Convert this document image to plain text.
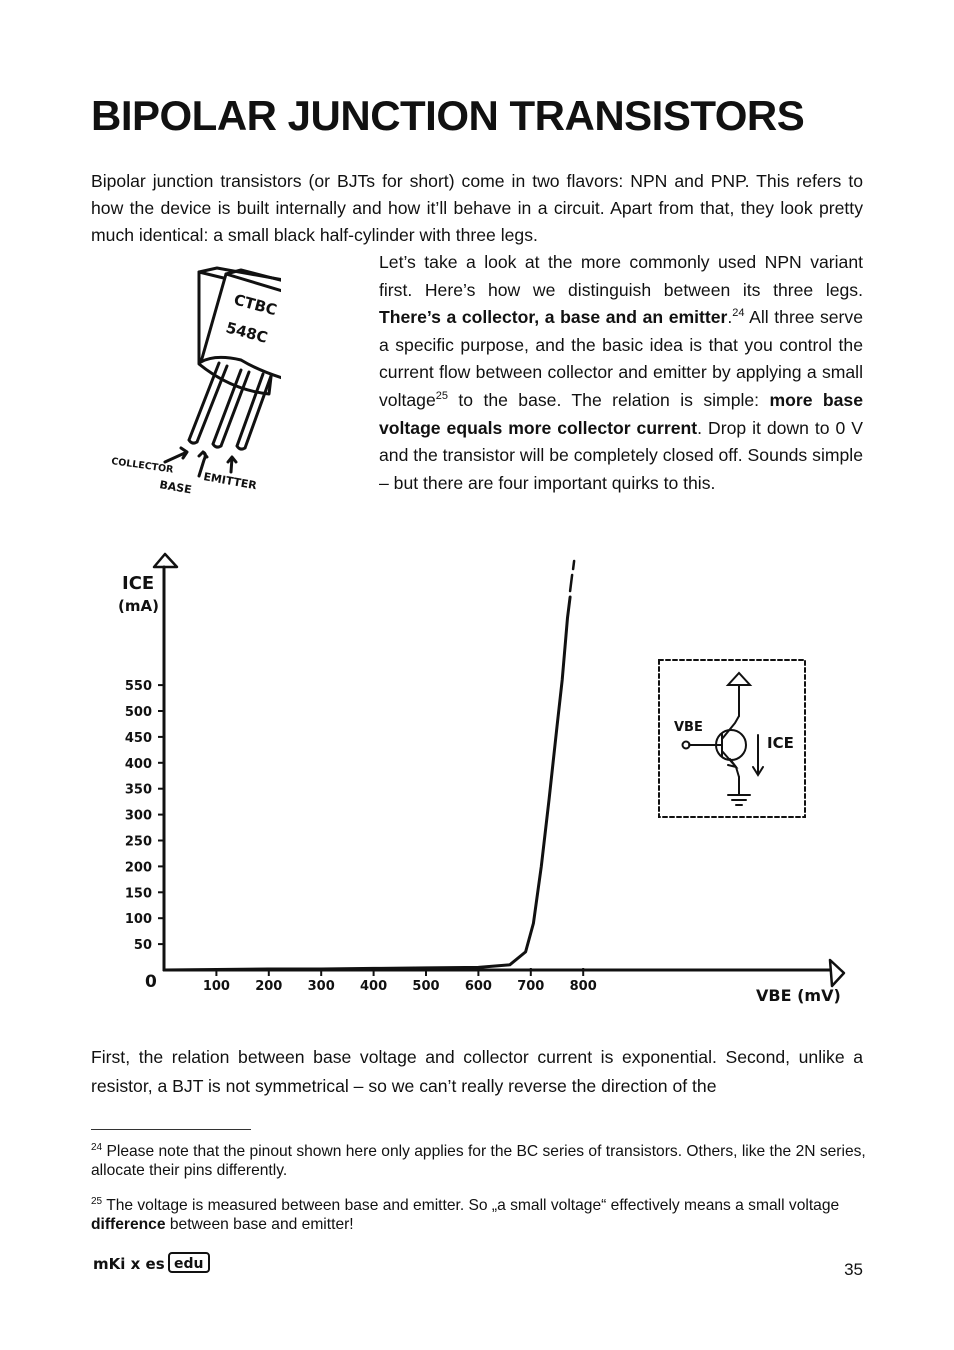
BIPOLAR JUNCTION TRANSISTORS

Bipolar junction transistors (or BJTs for short) come in two flavors: NPN and PNP. This refers to how the device is built internally and how it’ll behave in a circuit. Apart from that, they look pretty much identical: a small black half-cylinder with three legs.

CTBC
548C
COLLECTOR
BASE EMITTER

Let’s take a look at the more commonly used NPN variant first. Here’s how we distinguish between its three legs. There’s a collector, a base and an emitter.$^{24}$ All three serve a specific purpose, and the basic idea is that you control the current flow between collector and emitter by applying a small voltage$^{25}$ to the base. The relation is simple: more base voltage equals more collector current. Drop it down to 0 V and the transistor will be completely closed off. Sounds simple – but there are four important quirks to this.

50
100
150
200
250
300
350
400
450
500
550
100 200 300 400 500 600 700 800
ICE
(mA)
0
VBE (mV)
VBE
ICE

First, the relation between base voltage and collector current is exponential. Second, unlike a resistor, a BJT is not symmetrical – so we can’t really reverse the direction of the

$^{24}$ Please note that the pinout shown here only applies for the BC series of transistors. Others, like the 2N series, allocate their pins differently.

$^{25}$ The voltage is measured between base and emitter. So „a small voltage“ effectively means a small voltage difference between base and emitter!

mKi x es edu	35
